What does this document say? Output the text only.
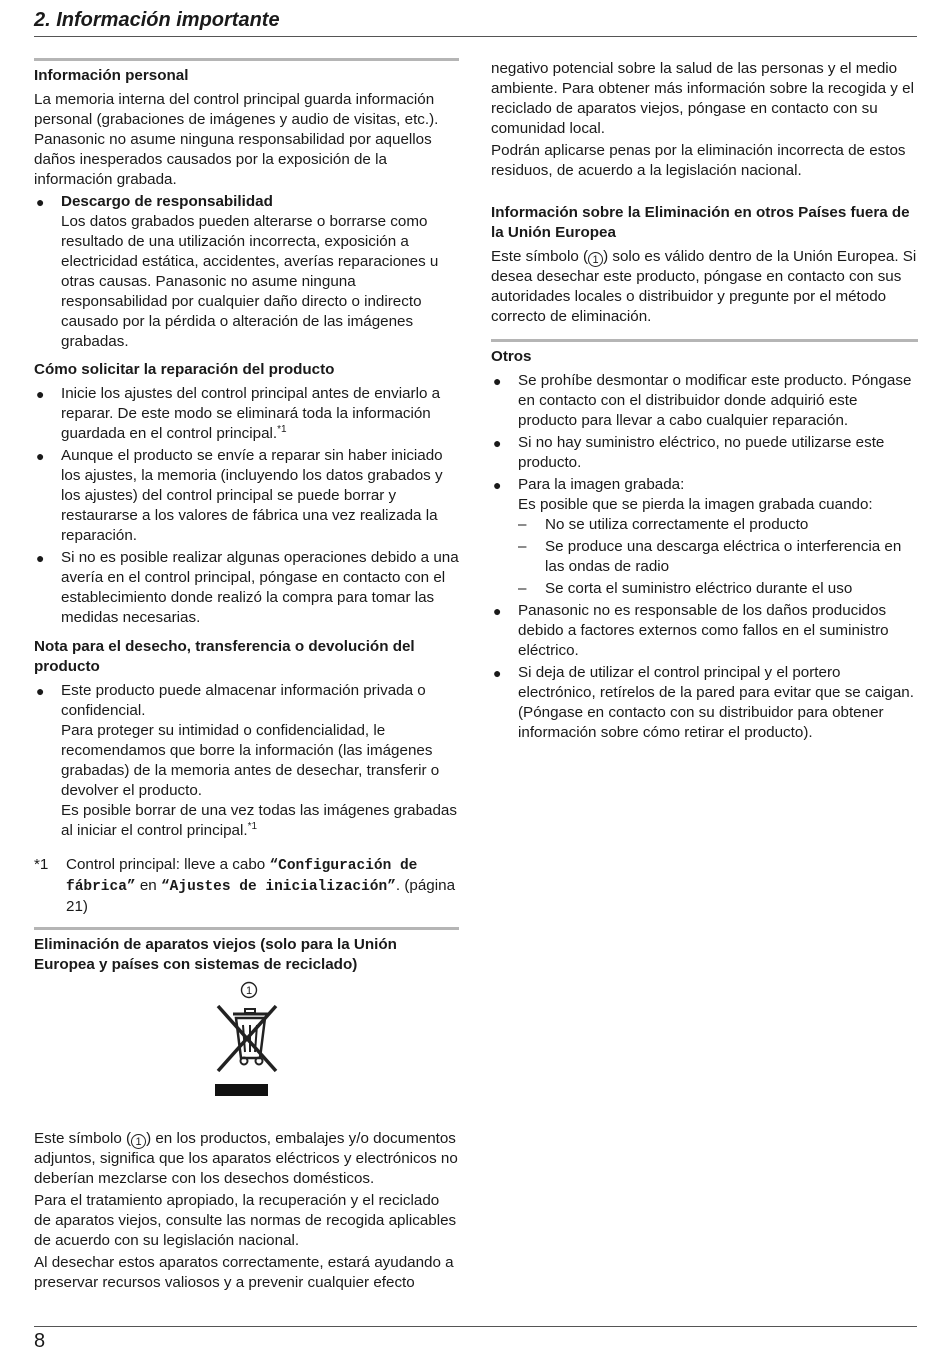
2. Información importante
Información personal

La memoria interna del control principal guarda información personal (grabaciones de imágenes y audio de visitas, etc.). Panasonic no asume ninguna responsabilidad por aquellos daños inesperados causados por la exposición de la información grabada.

● Descargo de responsabilidad
Los datos grabados pueden alterarse o borrarse como resultado de una utilización incorrecta, exposición a electricidad estática, accidentes, averías reparaciones u otras causas. Panasonic no asume ninguna responsabilidad por cualquier daño directo o indirecto causado por la pérdida o alteración de las imágenes grabadas.
Cómo solicitar la reparación del producto
● Inicie los ajustes del control principal antes de enviarlo a reparar. De este modo se eliminará toda la información guardada en el control principal.$^{*1}$
● Aunque el producto se envíe a reparar sin haber iniciado los ajustes, la memoria (incluyendo los datos grabados y los ajustes) del control principal se puede borrar y restaurarse a los valores de fábrica una vez realizada la reparación.
● Si no es posible realizar algunas operaciones debido a una avería en el control principal, póngase en contacto con el establecimiento donde realizó la compra para tomar las medidas necesarias.
Nota para el desecho, transferencia o devolución del producto
● Este producto puede almacenar información privada o confidencial.
Para proteger su intimidad o confidencialidad, le recomendamos que borre la información (las imágenes grabadas) de la memoria antes de desechar, transferir o devolver el producto.
Es posible borrar de una vez todas las imágenes grabadas al iniciar el control principal.$^{*1}$
*1 Control principal: lleve a cabo “Configuración de fábrica” en “Ajustes de inicialización”. (página 21)
Eliminación de aparatos viejos (solo para la Unión Europea y países con sistemas de reciclado)
1

Este símbolo ( 1 ) en los productos, embalajes y/o documentos adjuntos, significa que los aparatos eléctricos y electrónicos no deberían mezclarse con los desechos domésticos.

Para el tratamiento apropiado, la recuperación y el reciclado de aparatos viejos, consulte las normas de recogida aplicables de acuerdo con su legislación nacional.

Al desechar estos aparatos correctamente, estará ayudando a preservar recursos valiosos y a prevenir cualquier efecto

negativo potencial sobre la salud de las personas y el medio ambiente. Para obtener más información sobre la recogida y el reciclado de aparatos viejos, póngase en contacto con su comunidad local.

Podrán aplicarse penas por la eliminación incorrecta de estos residuos, de acuerdo a la legislación nacional.

Información sobre la Eliminación en otros Países fuera de la Unión Europea

Este símbolo ( 1 ) solo es válido dentro de la Unión Europea. Si desea desechar este producto, póngase en contacto con sus autoridades locales o distribuidor y pregunte por el método correcto de eliminación.

Otros
● Se prohíbe desmontar o modificar este producto. Póngase en contacto con el distribuidor donde adquirió este producto para llevar a cabo cualquier reparación.
● Si no hay suministro eléctrico, no puede utilizarse este producto.
● Para la imagen grabada:
Es posible que se pierda la imagen grabada cuando:
– No se utiliza correctamente el producto
– Se produce una descarga eléctrica o interferencia en las ondas de radio
– Se corta el suministro eléctrico durante el uso
● Panasonic no es responsable de los daños producidos debido a factores externos como fallos en el suministro eléctrico.
● Si deja de utilizar el control principal y el portero electrónico, retírelos de la pared para evitar que se caigan. (Póngase en contacto con su distribuidor para obtener información sobre cómo retirar el producto).
8
